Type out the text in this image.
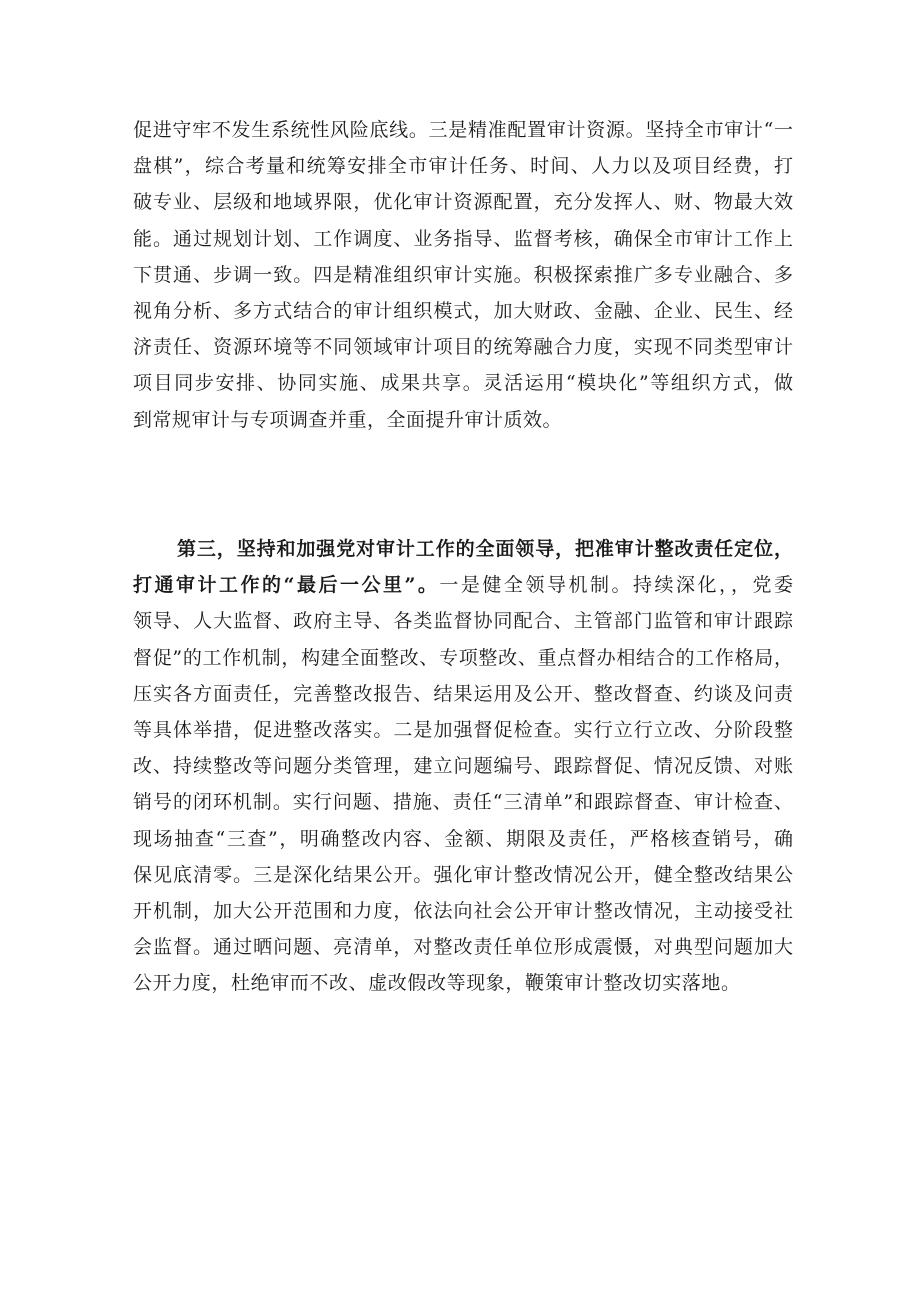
促进守牢不发生系统性风险底线。三是精准配置审计资源。坚持全市审计“一
盘棋”，综合考量和统筹安排全市审计任务、时间、人力以及项目经费，打
破专业、层级和地域界限，优化审计资源配置，充分发挥人、财、物最大效
能。通过规划计划、工作调度、业务指导、监督考核，确保全市审计工作上
下贯通、步调一致。四是精准组织审计实施。积极探索推广多专业融合、多
视角分析、多方式结合的审计组织模式，加大财政、金融、企业、民生、经
济责任、资源环境等不同领域审计项目的统筹融合力度，实现不同类型审计
项目同步安排、协同实施、成果共享。灵活运用“模块化”等组织方式，做
到常规审计与专项调查并重，全面提升审计质效。
第三，坚持和加强党对审计工作的全面领导，把准审计整改责任定位，
打通审计工作的“最后一公里”。一是健全领导机制。持续深化，，党委
领导、人大监督、政府主导、各类监督协同配合、主管部门监管和审计跟踪
督促”的工作机制，构建全面整改、专项整改、重点督办相结合的工作格局，
压实各方面责任，完善整改报告、结果运用及公开、整改督查、约谈及问责
等具体举措，促进整改落实。二是加强督促检查。实行立行立改、分阶段整
改、持续整改等问题分类管理，建立问题编号、跟踪督促、情况反馈、对账
销号的闭环机制。实行问题、措施、责任“三清单”和跟踪督查、审计检查、
现场抽查“三查”，明确整改内容、金额、期限及责任，严格核查销号，确
保见底清零。三是深化结果公开。强化审计整改情况公开，健全整改结果公
开机制，加大公开范围和力度，依法向社会公开审计整改情况，主动接受社
会监督。通过晒问题、亮清单，对整改责任单位形成震慑，对典型问题加大
公开力度，杜绝审而不改、虚改假改等现象，鞭策审计整改切实落地。
